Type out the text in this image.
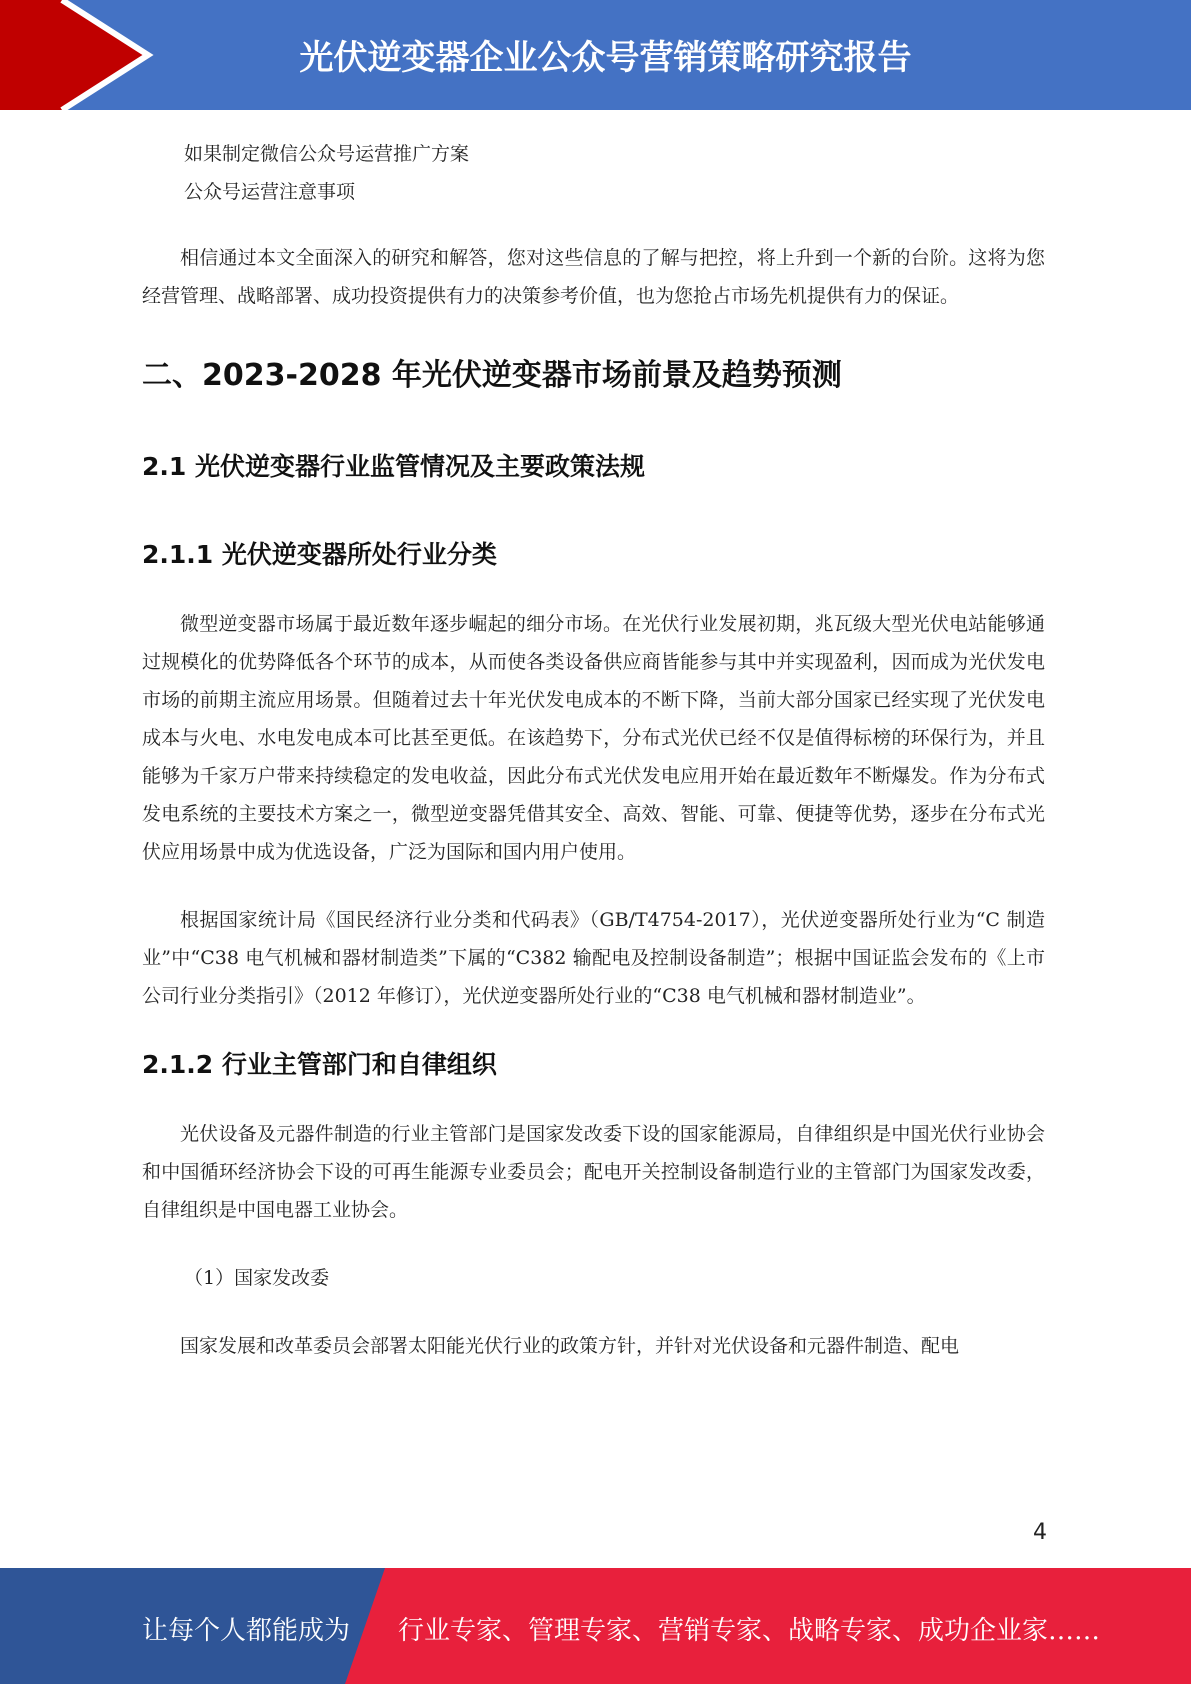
光伏逆变器企业公众号营销策略研究报告
如果制定微信公众号运营推广方案
公众号运营注意事项

相信通过本文全面深入的研究和解答，您对这些信息的了解与把控，将上升到一个新的台阶。这将为您经营管理、战略部署、成功投资提供有力的决策参考价值，也为您抢占市场先机提供有力的保证。

二、2023-2028 年光伏逆变器市场前景及趋势预测
2.1 光伏逆变器行业监管情况及主要政策法规
2.1.1 光伏逆变器所处行业分类

微型逆变器市场属于最近数年逐步崛起的细分市场。在光伏行业发展初期，兆瓦级大型光伏电站能够通过规模化的优势降低各个环节的成本，从而使各类设备供应商皆能参与其中并实现盈利，因而成为光伏发电市场的前期主流应用场景。但随着过去十年光伏发电成本的不断下降，当前大部分国家已经实现了光伏发电成本与火电、水电发电成本可比甚至更低。在该趋势下，分布式光伏已经不仅是值得标榜的环保行为，并且能够为千家万户带来持续稳定的发电收益，因此分布式光伏发电应用开始在最近数年不断爆发。作为分布式发电系统的主要技术方案之一，微型逆变器凭借其安全、高效、智能、可靠、便捷等优势，逐步在分布式光伏应用场景中成为优选设备，广泛为国际和国内用户使用。

根据国家统计局《国民经济行业分类和代码表》（GB/T4754-2017），光伏逆变器所处行业为“C 制造业”中“C38 电气机械和器材制造类”下属的“C382 输配电及控制设备制造”；根据中国证监会发布的《上市公司行业分类指引》（2012 年修订），光伏逆变器所处行业的“C38 电气机械和器材制造业”。

2.1.2 行业主管部门和自律组织

光伏设备及元器件制造的行业主管部门是国家发改委下设的国家能源局，自律组织是中国光伏行业协会和中国循环经济协会下设的可再生能源专业委员会；配电开关控制设备制造行业的主管部门为国家发改委，自律组织是中国电器工业协会。

（1）国家发改委

国家发展和改革委员会部署太阳能光伏行业的政策方针，并针对光伏设备和元器件制造、配电

4
让每个人都能成为 行业专家、管理专家、营销专家、战略专家、成功企业家……
